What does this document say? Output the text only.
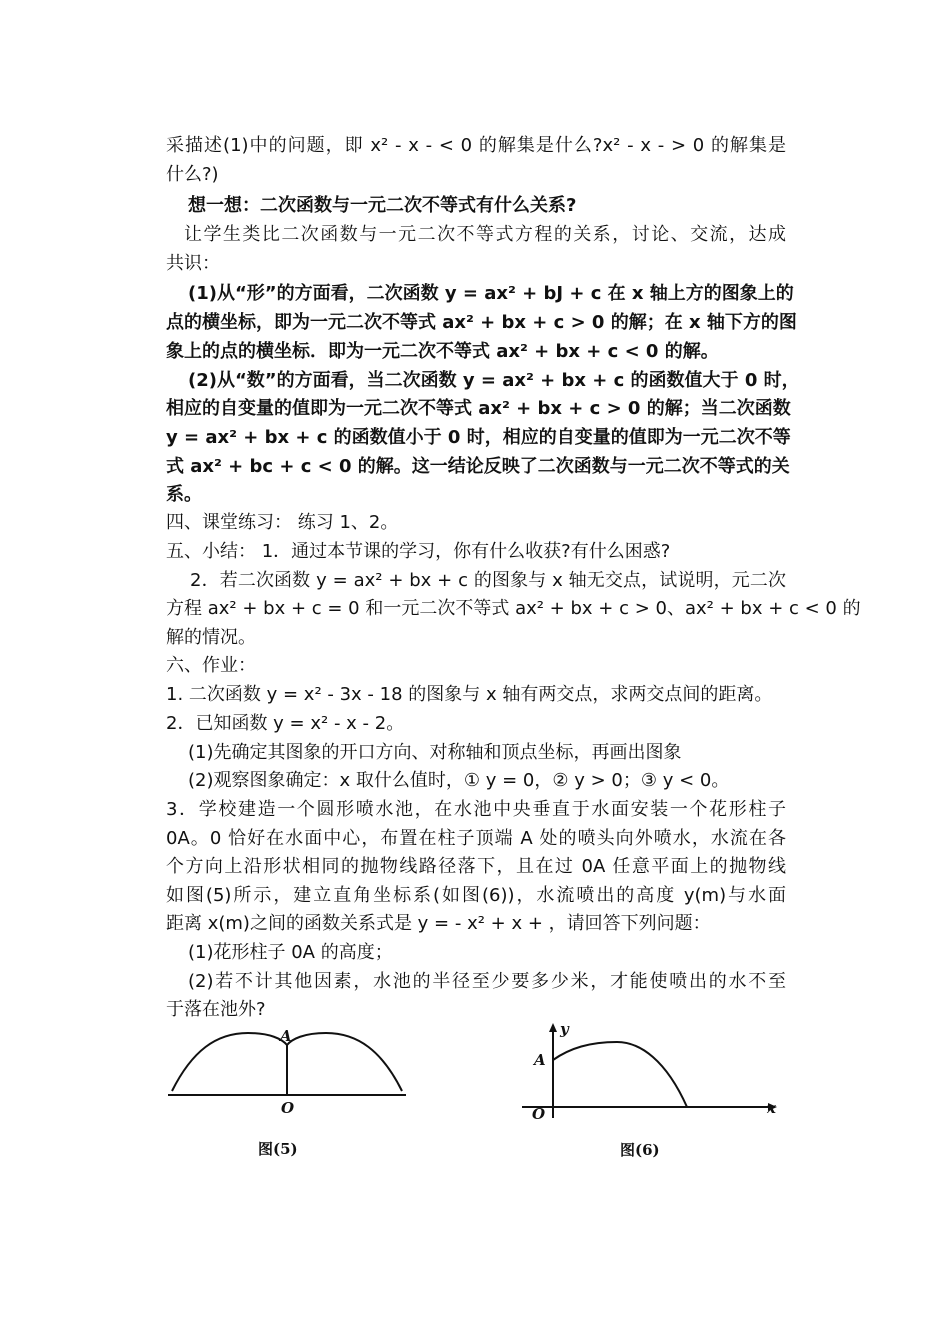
采描述(1)中的问题，即 x² - x - < 0 的解集是什么?x² - x - > 0 的解集是
什么?)
想一想：二次函数与一元二次不等式有什么关系?
让学生类比二次函数与一元二次不等式方程的关系，讨论、交流，达成
共识：
(1)从“形”的方面看，二次函数 y = ax² + bJ + c 在 x 轴上方的图象上的
点的横坐标，即为一元二次不等式 ax² + bx + c > 0 的解；在 x 轴下方的图
象上的点的横坐标．即为一元二次不等式 ax² + bx + c < 0 的解。
(2)从“数”的方面看，当二次函数 y = ax² + bx + c 的函数值大于 0 时，
相应的自变量的值即为一元二次不等式 ax² + bx + c > 0 的解；当二次函数
y = ax² + bx + c 的函数值小于 0 时，相应的自变量的值即为一元二次不等
式 ax² + bc + c < 0 的解。这一结论反映了二次函数与一元二次不等式的关
系。
四、课堂练习： 练习 1、2。
五、小结： 1．通过本节课的学习，你有什么收获?有什么困惑?
2．若二次函数 y = ax² + bx + c 的图象与 x 轴无交点，试说明，元二次
方程 ax² + bx + c = 0 和一元二次不等式 ax² + bx + c > 0、ax² + bx + c < 0 的
解的情况。
六、作业：
1. 二次函数 y = x² - 3x - 18 的图象与 x 轴有两交点，求两交点间的距离。
2．已知函数 y = x² - x - 2。
(1)先确定其图象的开口方向、对称轴和顶点坐标，再画出图象
(2)观察图象确定：x 取什么值时，① y = 0，② y > 0；③ y < 0。
3．学校建造一个圆形喷水池，在水池中央垂直于水面安装一个花形柱子
0A。0 恰好在水面中心，布置在柱子顶端 A 处的喷头向外喷水，水流在各
个方向上沿形状相同的抛物线路径落下，且在过 0A 任意平面上的抛物线
如图(5)所示，建立直角坐标系(如图(6))，水流喷出的高度 y(m)与水面
距离 x(m)之间的函数关系式是 y = - x² + x + ，请回答下列问题：
(1)花形柱子 0A 的高度；
(2)若不计其他因素，水池的半径至少要多少米，才能使喷出的水不至
于落在池外?
A
O
图(5)
y
A
O	x
图(6)
